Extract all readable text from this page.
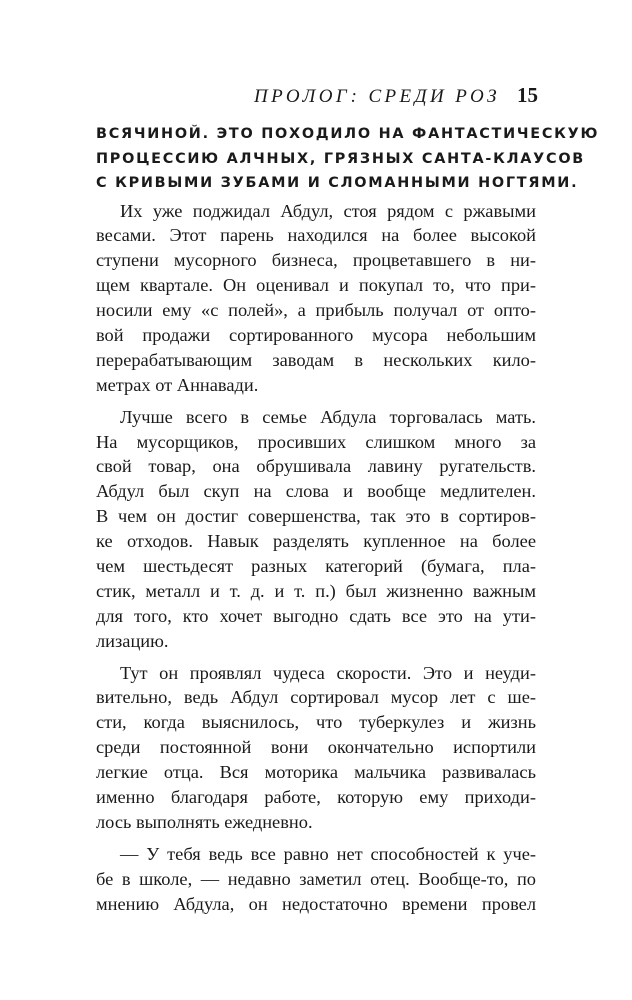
ПРОЛОГ: СРЕДИ РОЗ 15
ВСЯЧИНОЙ. ЭТО ПОХОДИЛО НА ФАНТАСТИЧЕСКУЮ
ПРОЦЕССИЮ АЛЧНЫХ, ГРЯЗНЫХ САНТА-КЛАУСОВ
С КРИВЫМИ ЗУБАМИ И СЛОМАННЫМИ НОГТЯМИ.
Их уже поджидал Абдул, стоя рядом с ржавыми
весами. Этот парень находился на более высокой
ступени мусорного бизнеса, процветавшего в ни-
щем квартале. Он оценивал и покупал то, что при-
носили ему «с полей», а прибыль получал от опто-
вой продажи сортированного мусора небольшим
перерабатывающим заводам в нескольких кило-
метрах от Аннавади.
Лучше всего в семье Абдула торговалась мать.
На мусорщиков, просивших слишком много за
свой товар, она обрушивала лавину ругательств.
Абдул был скуп на слова и вообще медлителен.
В чем он достиг совершенства, так это в сортиров-
ке отходов. Навык разделять купленное на более
чем шестьдесят разных категорий (бумага, пла-
стик, металл и т. д. и т. п.) был жизненно важным
для того, кто хочет выгодно сдать все это на ути-
лизацию.
Тут он проявлял чудеса скорости. Это и неуди-
вительно, ведь Абдул сортировал мусор лет с ше-
сти, когда выяснилось, что туберкулез и жизнь
среди постоянной вони окончательно испортили
легкие отца. Вся моторика мальчика развивалась
именно благодаря работе, которую ему приходи-
лось выполнять ежедневно.
— У тебя ведь все равно нет способностей к уче-
бе в школе, — недавно заметил отец. Вообще-то, по
мнению Абдула, он недостаточно времени провел
